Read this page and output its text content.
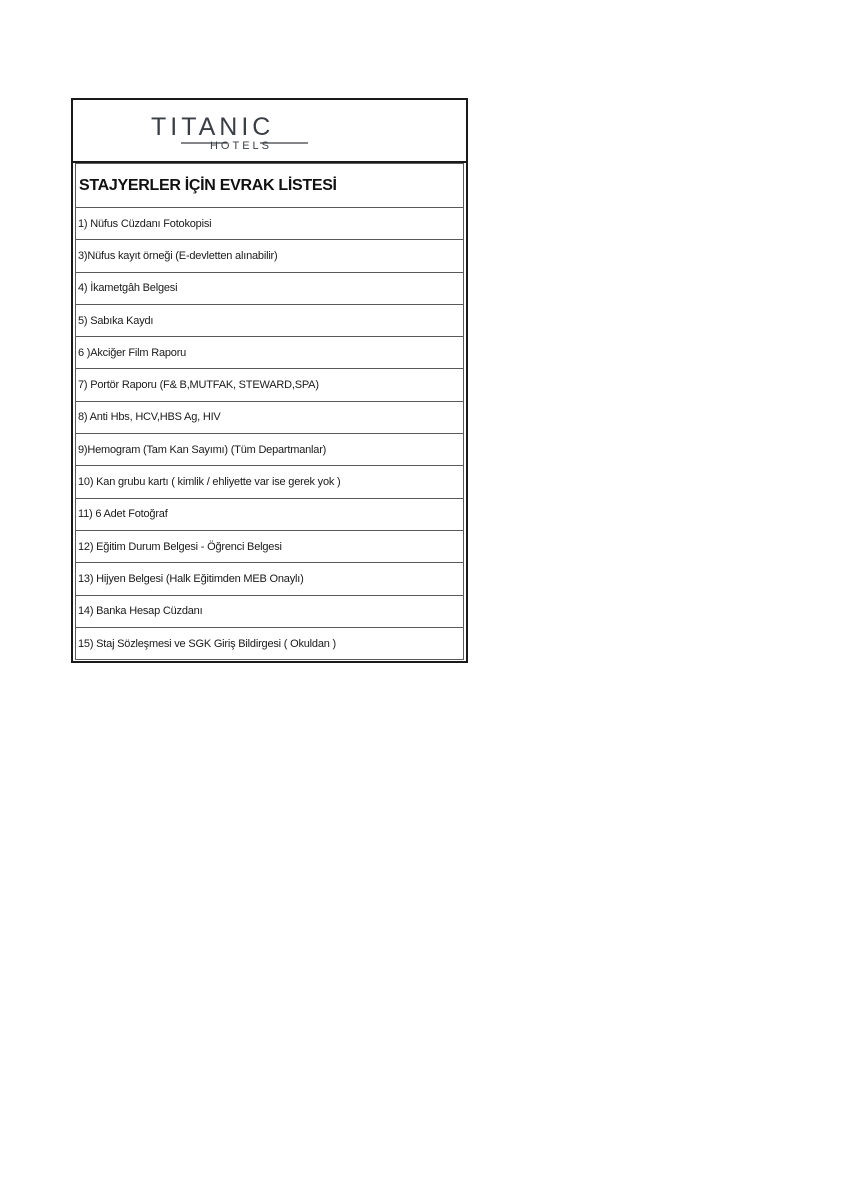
TITANIC
HOTELS
STAJYERLER İÇİN EVRAK LİSTESİ
1) Nüfus Cüzdanı Fotokopisi
3)Nüfus kayıt örneği (E-devletten alınabilir)
4) İkametgâh Belgesi
5) Sabıka Kaydı
6 )Akciğer Film Raporu
7) Portör Raporu (F& B,MUTFAK, STEWARD,SPA)
8) Anti Hbs, HCV,HBS Ag, HIV
9)Hemogram (Tam Kan Sayımı) (Tüm Departmanlar)
10) Kan grubu kartı ( kimlik / ehliyette var ise gerek yok )
11) 6 Adet Fotoğraf
12) Eğitim Durum Belgesi - Öğrenci Belgesi
13) Hijyen Belgesi (Halk Eğitimden MEB Onaylı)
14) Banka Hesap Cüzdanı
15) Staj Sözleşmesi ve SGK Giriş Bildirgesi ( Okuldan )
